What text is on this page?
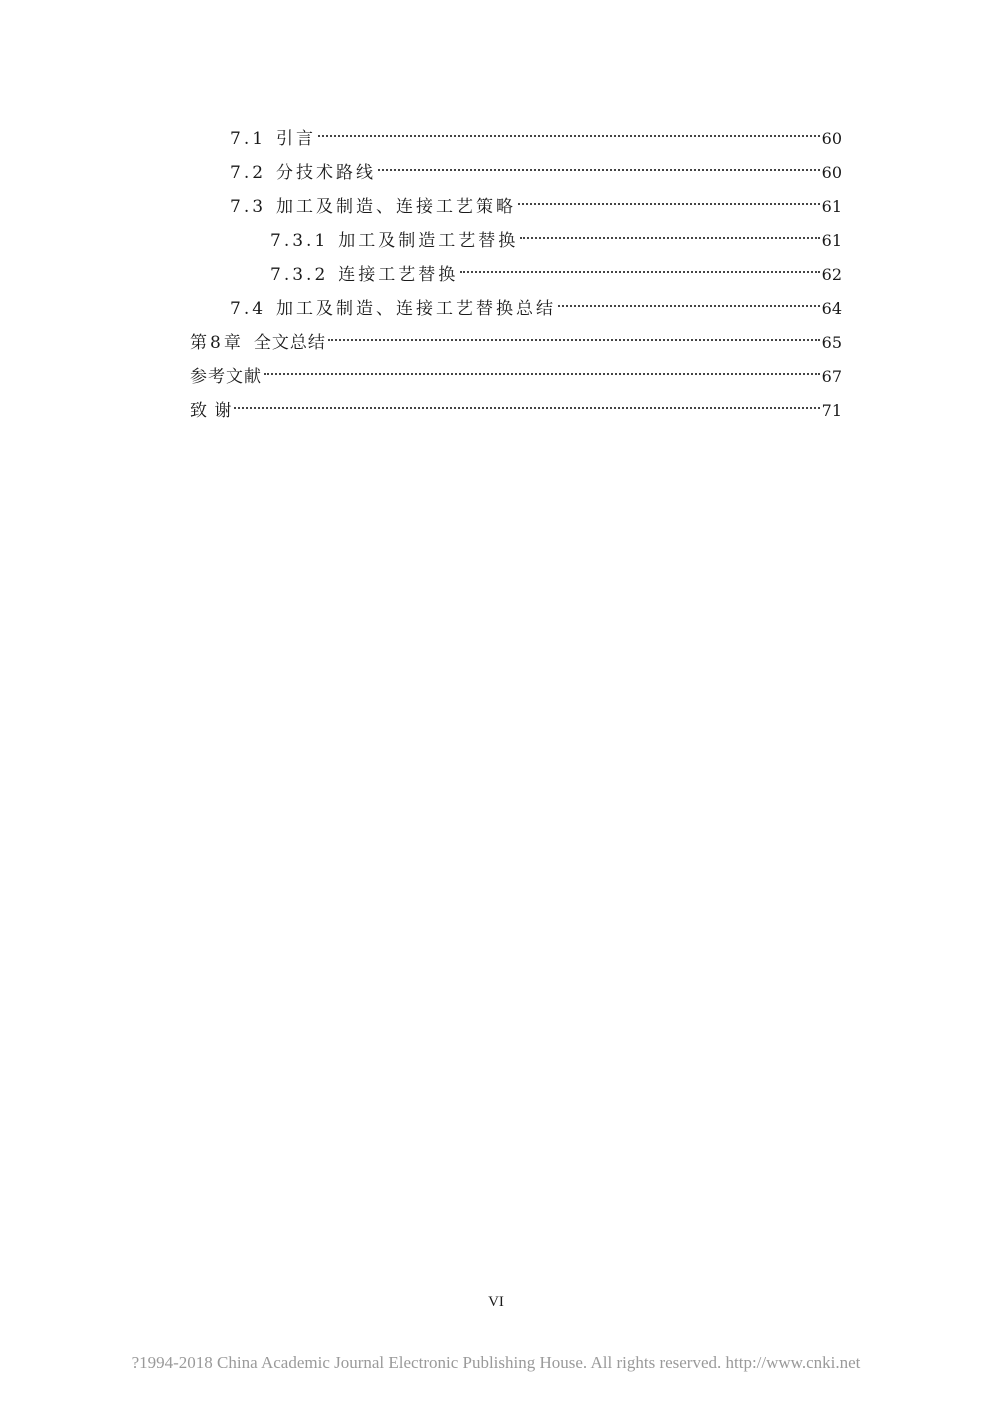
7.1 引言	60
7.2 分技术路线	60
7.3 加工及制造、连接工艺策略	61
7.3.1 加工及制造工艺替换	61
7.3.2 连接工艺替换	62
7.4 加工及制造、连接工艺替换总结	64
第8章 全文总结	65
参考文献	67
致 谢	71
VI
?1994-2018 China Academic Journal Electronic Publishing House. All rights reserved. http://www.cnki.net
